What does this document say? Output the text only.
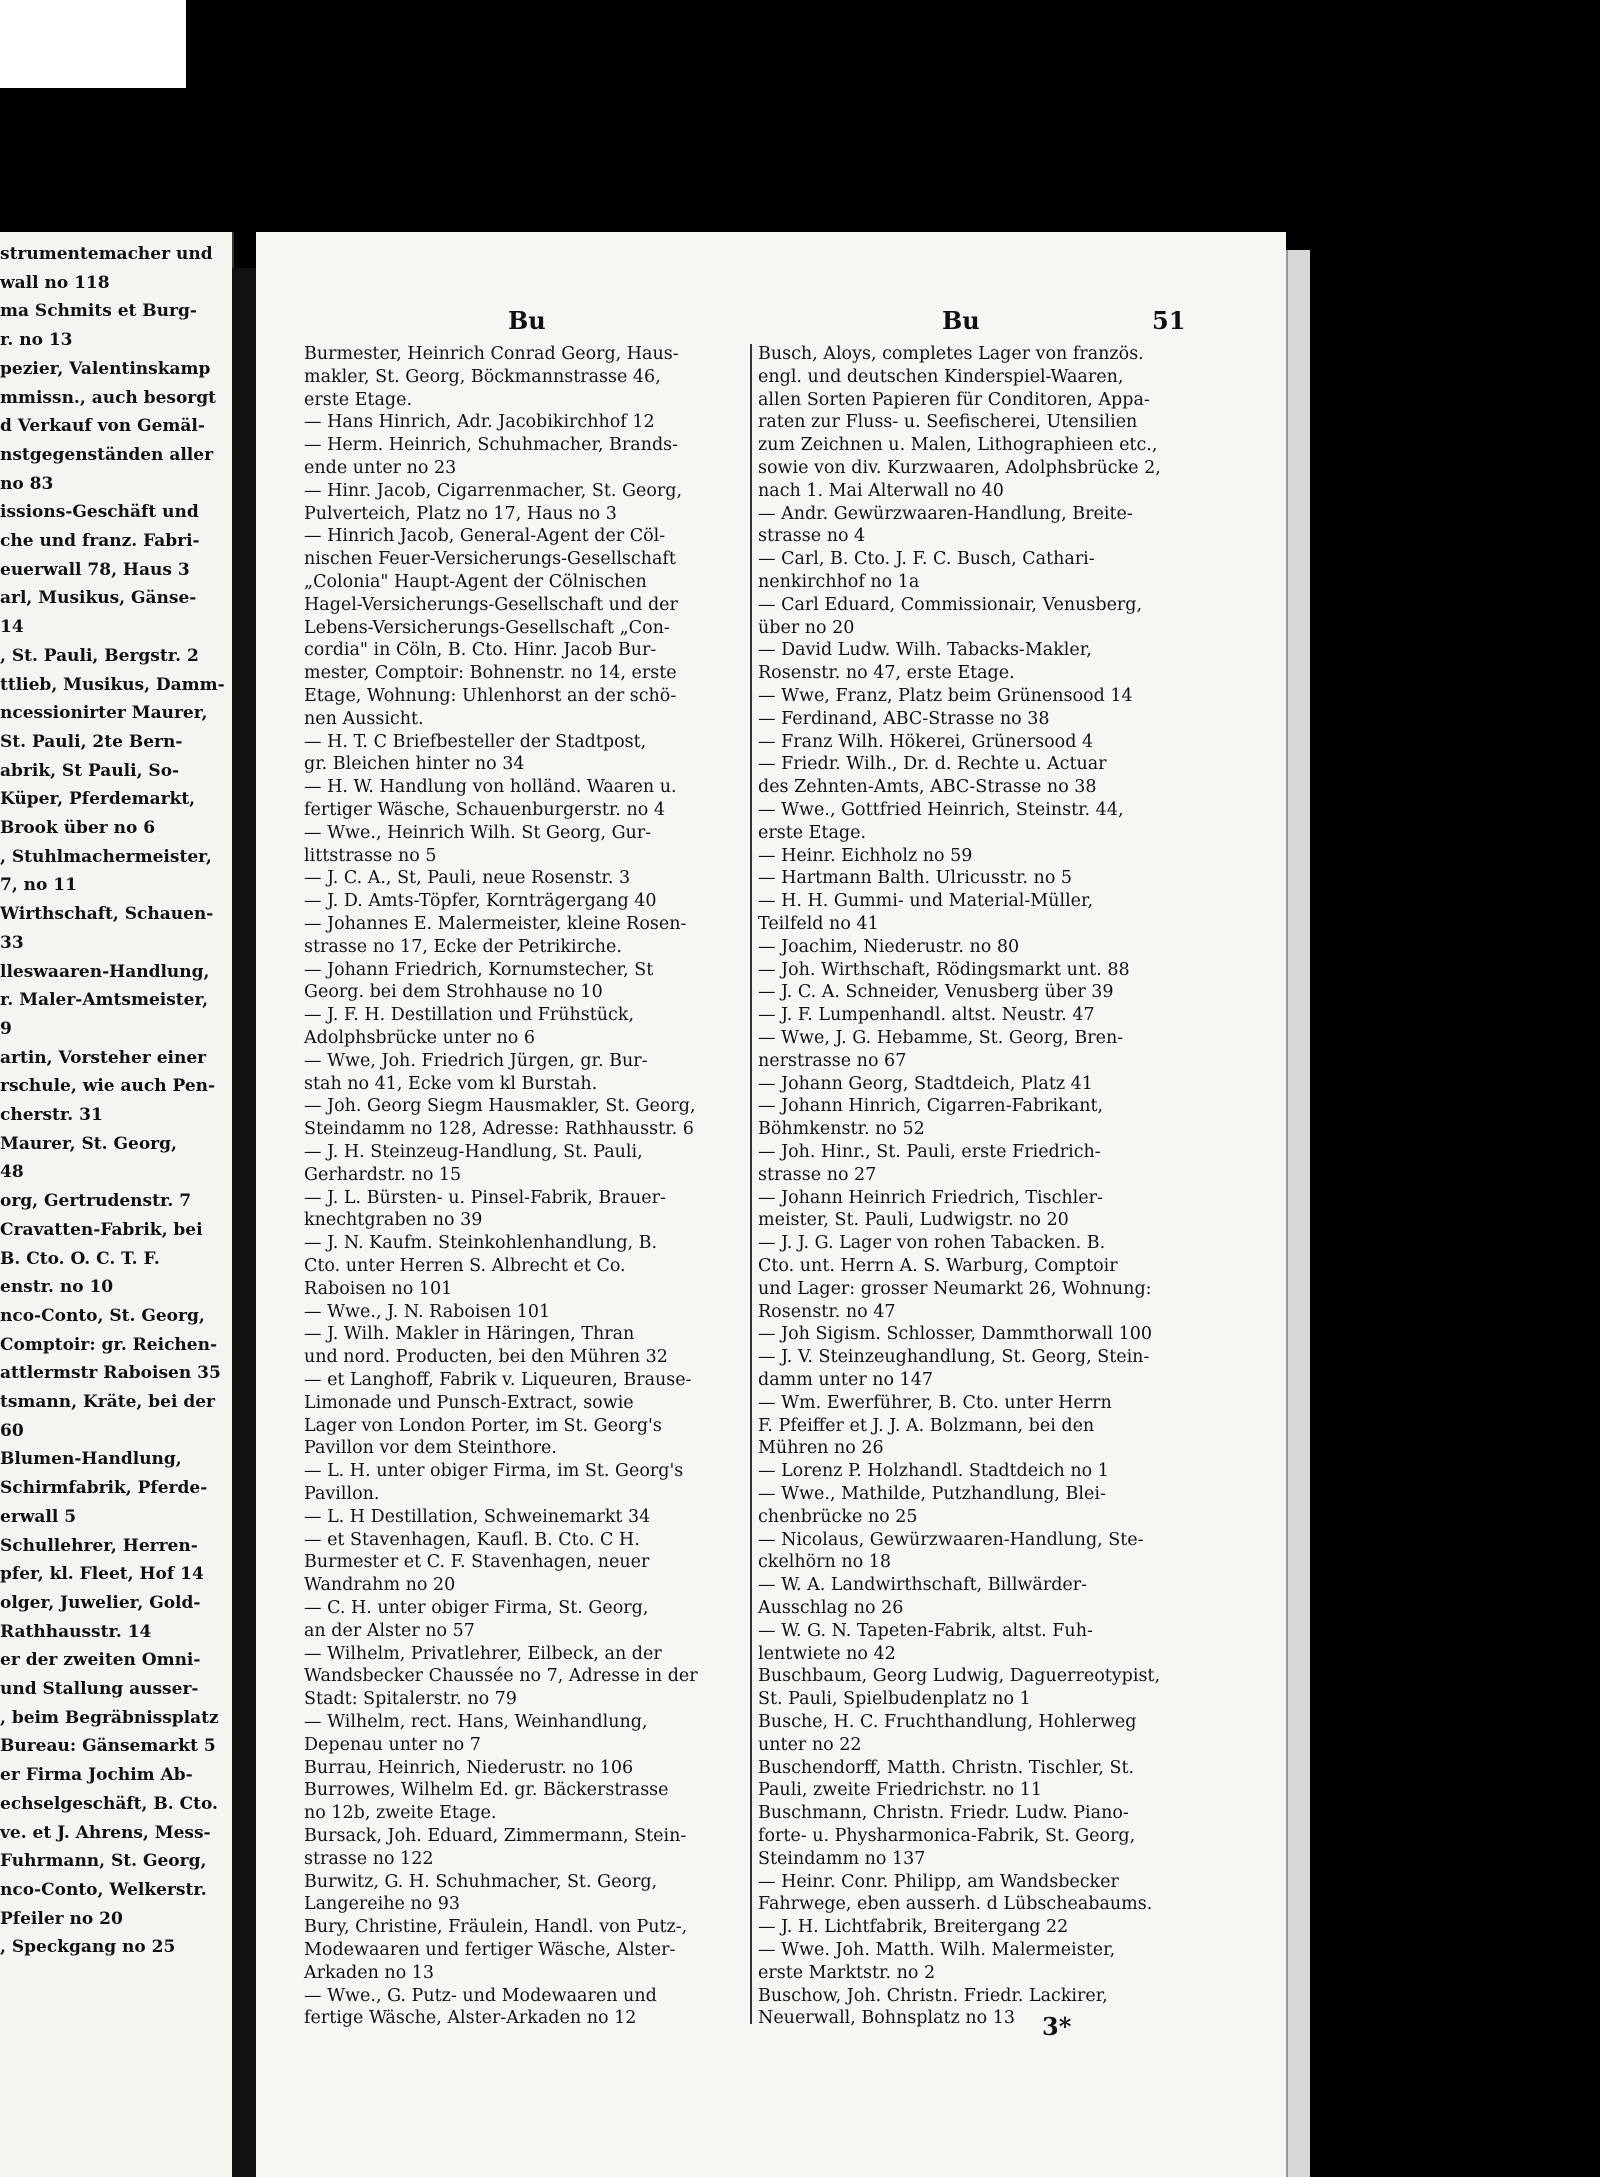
strumentemacher und
wall no 118
ma Schmits et Burg-
r. no 13
pezier, Valentinskamp
mmissn., auch besorgt
d Verkauf von Gemäl-
nstgegenständen aller
no 83
issions-Geschäft und
che und franz. Fabri-
euerwall 78, Haus 3
arl, Musikus, Gänse-
14
, St. Pauli, Bergstr. 2
ttlieb, Musikus, Damm-
ncessionirter Maurer,
St. Pauli, 2te Bern-
abrik, St Pauli, So-
Küper, Pferdemarkt,
Brook über no 6
, Stuhlmachermeister,
7, no 11
Wirthschaft, Schauen-
33
lleswaaren-Handlung,
r. Maler-Amtsmeister,
9
artin, Vorsteher einer
rschule, wie auch Pen-
cherstr. 31
Maurer, St. Georg,
48
org, Gertrudenstr. 7
Cravatten-Fabrik, bei
B. Cto. O. C. T. F.
enstr. no 10
nco-Conto, St. Georg,
Comptoir: gr. Reichen-
attlermstr Raboisen 35
tsmann, Kräte, bei der
60
Blumen-Handlung,
Schirmfabrik, Pferde-
erwall 5
Schullehrer, Herren-
pfer, kl. Fleet, Hof 14
olger, Juwelier, Gold-
Rathhausstr. 14
er der zweiten Omni-
und Stallung ausser-
, beim Begräbnissplatz
Bureau: Gänsemarkt 5
er Firma Jochim Ab-
echselgeschäft, B. Cto.
ve. et J. Ahrens, Mess-
Fuhrmann, St. Georg,
nco-Conto, Welkerstr.
Pfeiler no 20
, Speckgang no 25
Bu	Bu	51
Burmester, Heinrich Conrad Georg, Haus-
makler, St. Georg, Böckmannstrasse 46,
erste Etage.
— Hans Hinrich, Adr. Jacobikirchhof 12
— Herm. Heinrich, Schuhmacher, Brands-
ende unter no 23
— Hinr. Jacob, Cigarrenmacher, St. Georg,
Pulverteich, Platz no 17, Haus no 3
— Hinrich Jacob, General-Agent der Cöl-
nischen Feuer-Versicherungs-Gesellschaft
„Colonia" Haupt-Agent der Cölnischen
Hagel-Versicherungs-Gesellschaft und der
Lebens-Versicherungs-Gesellschaft „Con-
cordia" in Cöln, B. Cto. Hinr. Jacob Bur-
mester, Comptoir: Bohnenstr. no 14, erste
Etage, Wohnung: Uhlenhorst an der schö-
nen Aussicht.
— H. T. C Briefbesteller der Stadtpost,
gr. Bleichen hinter no 34
— H. W. Handlung von holländ. Waaren u.
fertiger Wäsche, Schauenburgerstr. no 4
— Wwe., Heinrich Wilh. St Georg, Gur-
littstrasse no 5
— J. C. A., St, Pauli, neue Rosenstr. 3
— J. D. Amts-Töpfer, Kornträgergang 40
— Johannes E. Malermeister, kleine Rosen-
strasse no 17, Ecke der Petrikirche.
— Johann Friedrich, Kornumstecher, St
Georg. bei dem Strohhause no 10
— J. F. H. Destillation und Frühstück,
Adolphsbrücke unter no 6
— Wwe, Joh. Friedrich Jürgen, gr. Bur-
stah no 41, Ecke vom kl Burstah.
— Joh. Georg Siegm Hausmakler, St. Georg,
Steindamm no 128, Adresse: Rathhausstr. 6
— J. H. Steinzeug-Handlung, St. Pauli,
Gerhardstr. no 15
— J. L. Bürsten- u. Pinsel-Fabrik, Brauer-
knechtgraben no 39
— J. N. Kaufm. Steinkohlenhandlung, B.
Cto. unter Herren S. Albrecht et Co.
Raboisen no 101
— Wwe., J. N. Raboisen 101
— J. Wilh. Makler in Häringen, Thran
und nord. Producten, bei den Mühren 32
— et Langhoff, Fabrik v. Liqueuren, Brause-
Limonade und Punsch-Extract, sowie
Lager von London Porter, im St. Georg's
Pavillon vor dem Steinthore.
— L. H. unter obiger Firma, im St. Georg's
Pavillon.
— L. H Destillation, Schweinemarkt 34
— et Stavenhagen, Kaufl. B. Cto. C H.
Burmester et C. F. Stavenhagen, neuer
Wandrahm no 20
— C. H. unter obiger Firma, St. Georg,
an der Alster no 57
— Wilhelm, Privatlehrer, Eilbeck, an der
Wandsbecker Chaussée no 7, Adresse in der
Stadt: Spitalerstr. no 79
— Wilhelm, rect. Hans, Weinhandlung,
Depenau unter no 7
Burrau, Heinrich, Niederustr. no 106
Burrowes, Wilhelm Ed. gr. Bäckerstrasse
no 12b, zweite Etage.
Bursack, Joh. Eduard, Zimmermann, Stein-
strasse no 122
Burwitz, G. H. Schuhmacher, St. Georg,
Langereihe no 93
Bury, Christine, Fräulein, Handl. von Putz-,
Modewaaren und fertiger Wäsche, Alster-
Arkaden no 13
— Wwe., G. Putz- und Modewaaren und
fertige Wäsche, Alster-Arkaden no 12
Busch, Aloys, completes Lager von französ.
engl. und deutschen Kinderspiel-Waaren,
allen Sorten Papieren für Conditoren, Appa-
raten zur Fluss- u. Seefischerei, Utensilien
zum Zeichnen u. Malen, Lithographieen etc.,
sowie von div. Kurzwaaren, Adolphsbrücke 2,
nach 1. Mai Alterwall no 40
— Andr. Gewürzwaaren-Handlung, Breite-
strasse no 4
— Carl, B. Cto. J. F. C. Busch, Cathari-
nenkirchhof no 1a
— Carl Eduard, Commissionair, Venusberg,
über no 20
— David Ludw. Wilh. Tabacks-Makler,
Rosenstr. no 47, erste Etage.
— Wwe, Franz, Platz beim Grünensood 14
— Ferdinand, ABC-Strasse no 38
— Franz Wilh. Hökerei, Grünersood 4
— Friedr. Wilh., Dr. d. Rechte u. Actuar
des Zehnten-Amts, ABC-Strasse no 38
— Wwe., Gottfried Heinrich, Steinstr. 44,
erste Etage.
— Heinr. Eichholz no 59
— Hartmann Balth. Ulricusstr. no 5
— H. H. Gummi- und Material-Müller,
Teilfeld no 41
— Joachim, Niederustr. no 80
— Joh. Wirthschaft, Rödingsmarkt unt. 88
— J. C. A. Schneider, Venusberg über 39
— J. F. Lumpenhandl. altst. Neustr. 47
— Wwe, J. G. Hebamme, St. Georg, Bren-
nerstrasse no 67
— Johann Georg, Stadtdeich, Platz 41
— Johann Hinrich, Cigarren-Fabrikant,
Böhmkenstr. no 52
— Joh. Hinr., St. Pauli, erste Friedrich-
strasse no 27
— Johann Heinrich Friedrich, Tischler-
meister, St. Pauli, Ludwigstr. no 20
— J. J. G. Lager von rohen Tabacken. B.
Cto. unt. Herrn A. S. Warburg, Comptoir
und Lager: grosser Neumarkt 26, Wohnung:
Rosenstr. no 47
— Joh Sigism. Schlosser, Dammthorwall 100
— J. V. Steinzeughandlung, St. Georg, Stein-
damm unter no 147
— Wm. Ewerführer, B. Cto. unter Herrn
F. Pfeiffer et J. J. A. Bolzmann, bei den
Mühren no 26
— Lorenz P. Holzhandl. Stadtdeich no 1
— Wwe., Mathilde, Putzhandlung, Blei-
chenbrücke no 25
— Nicolaus, Gewürzwaaren-Handlung, Ste-
ckelhörn no 18
— W. A. Landwirthschaft, Billwärder-
Ausschlag no 26
— W. G. N. Tapeten-Fabrik, altst. Fuh-
lentwiete no 42
Buschbaum, Georg Ludwig, Daguerreotypist,
St. Pauli, Spielbudenplatz no 1
Busche, H. C. Fruchthandlung, Hohlerweg
unter no 22
Buschendorff, Matth. Christn. Tischler, St.
Pauli, zweite Friedrichstr. no 11
Buschmann, Christn. Friedr. Ludw. Piano-
forte- u. Physharmonica-Fabrik, St. Georg,
Steindamm no 137
— Heinr. Conr. Philipp, am Wandsbecker
Fahrwege, eben ausserh. d Lübscheabaums.
— J. H. Lichtfabrik, Breitergang 22
— Wwe. Joh. Matth. Wilh. Malermeister,
erste Marktstr. no 2
Buschow, Joh. Christn. Friedr. Lackirer,
Neuerwall, Bohnsplatz no 13 3*
